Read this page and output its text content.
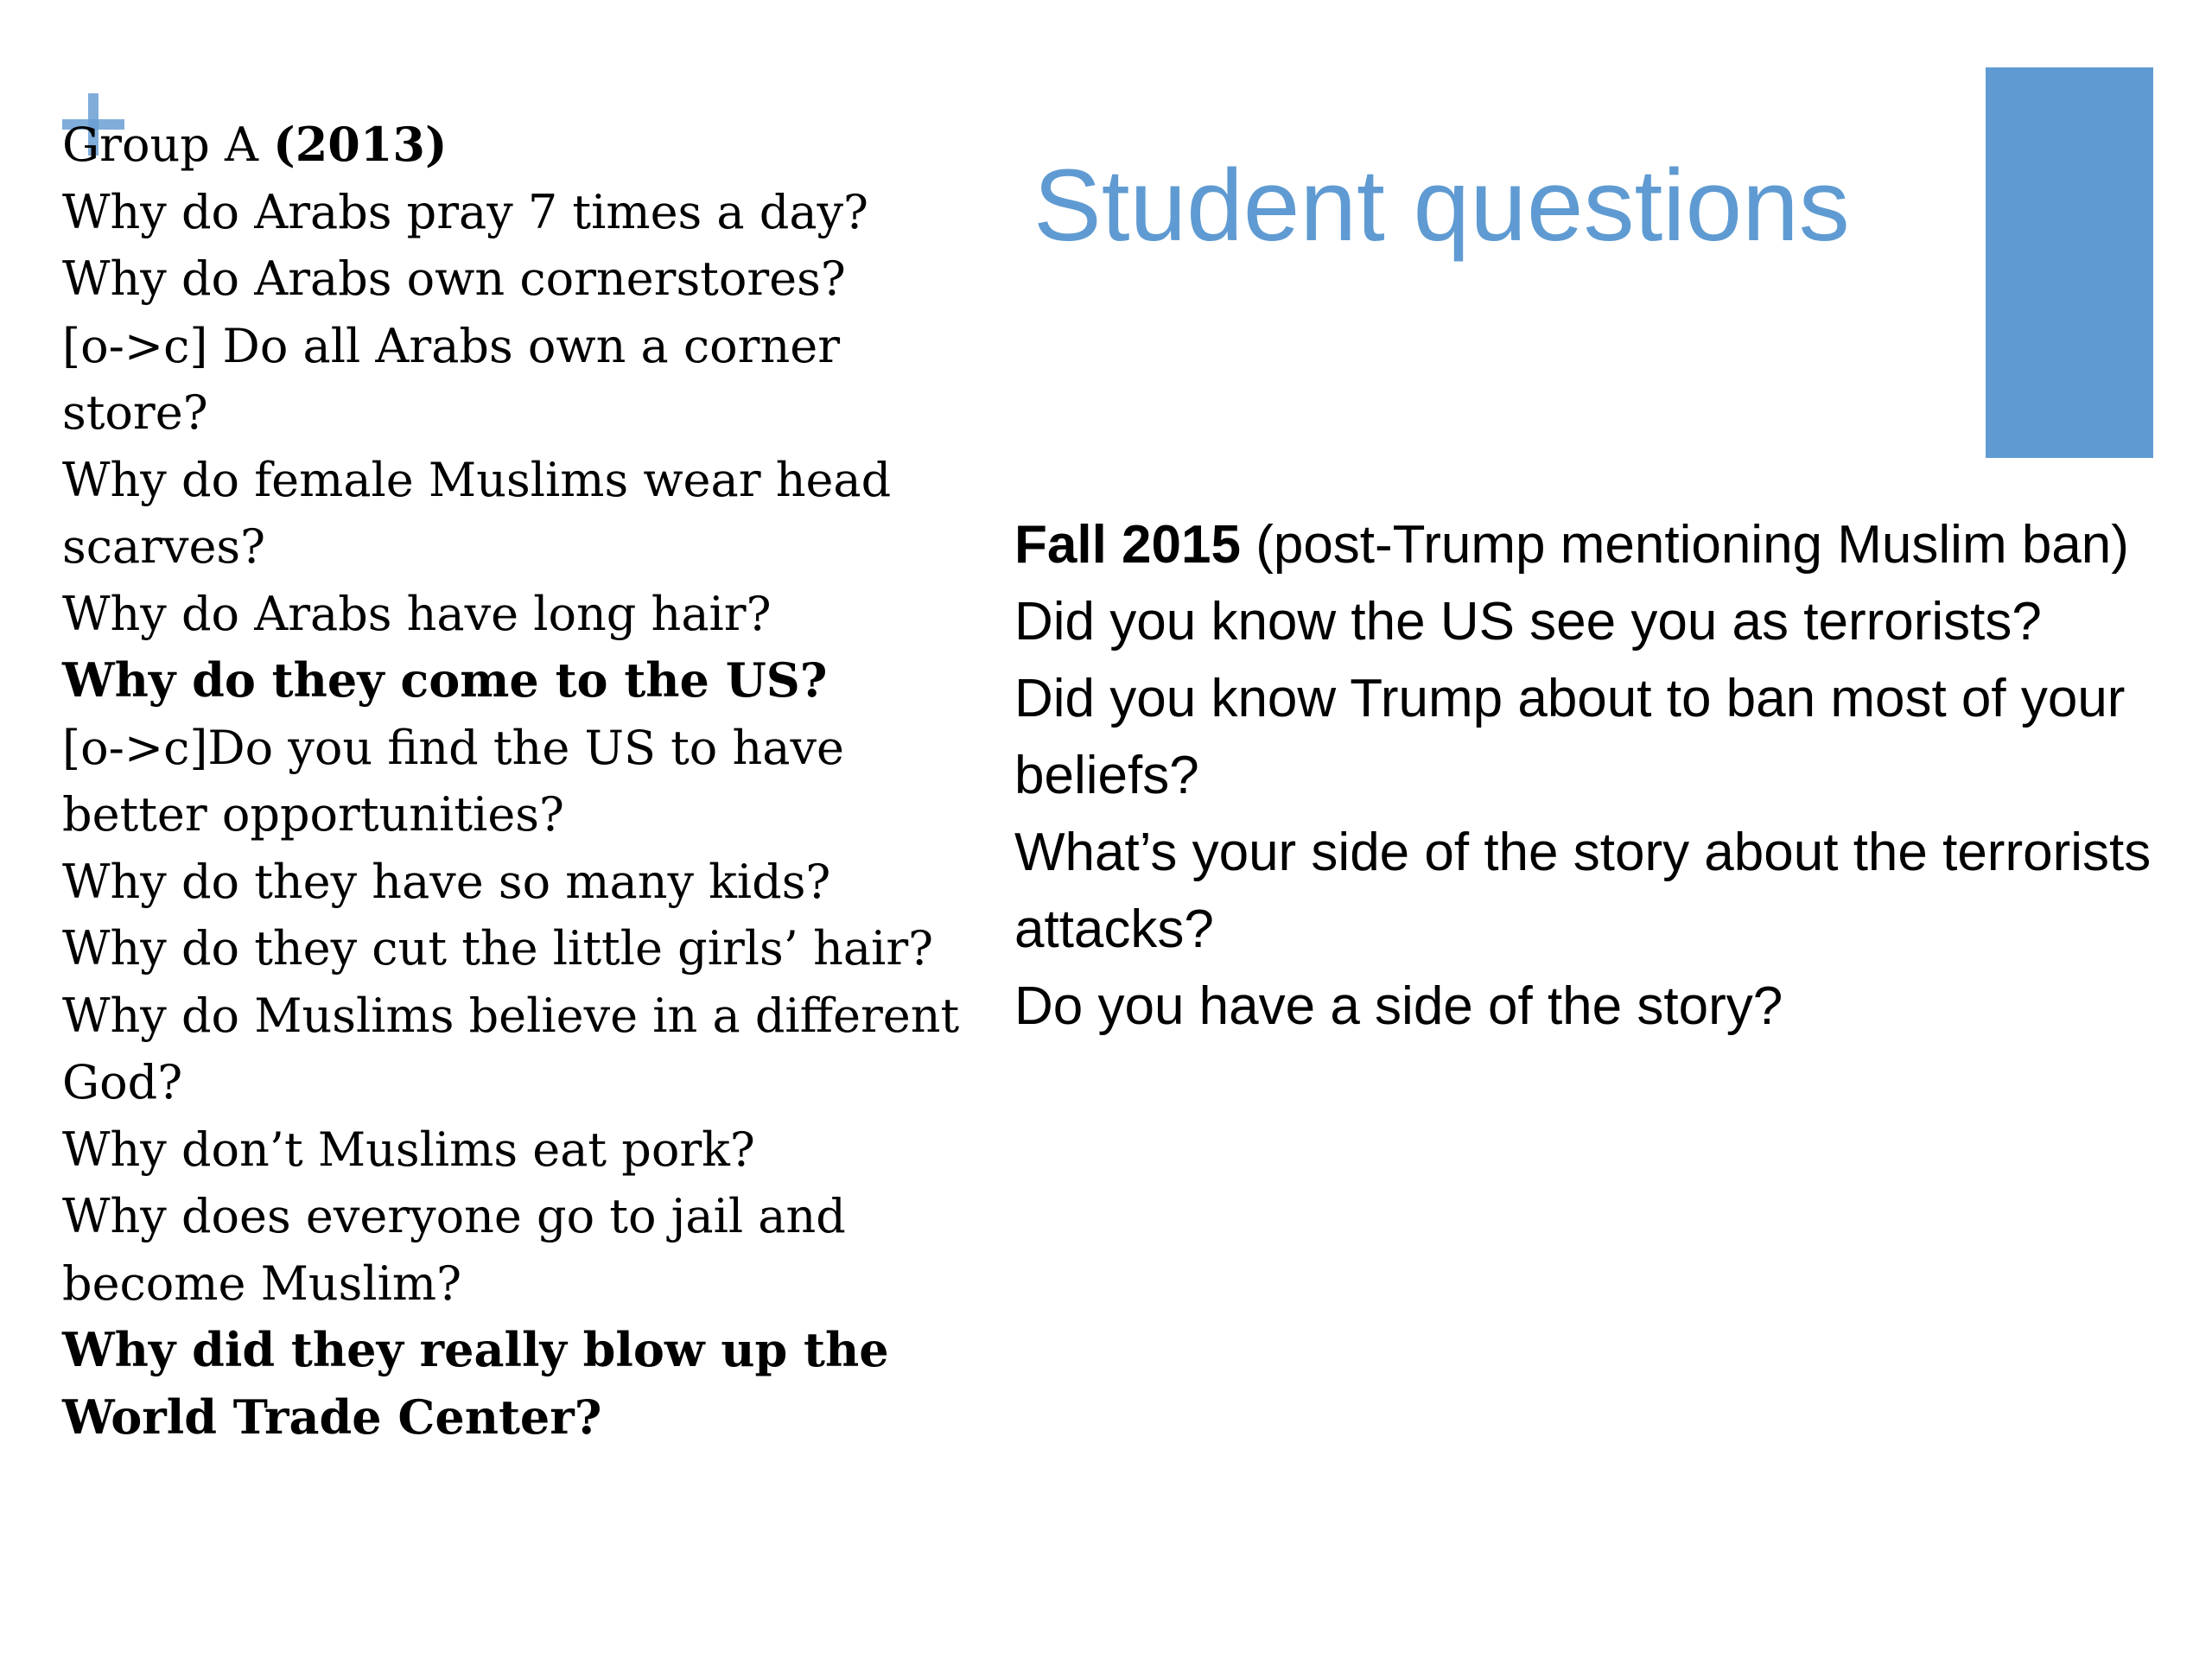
Student questions
Group A (2013)
Why do Arabs pray 7 times a day?
Why do Arabs own cornerstores?
[o->c] Do all Arabs own a corner
store?
Why do female Muslims wear head
scarves?
Why do Arabs have long hair?
Why do they come to the US?
[o->c]Do you find the US to have
better opportunities?
Why do they have so many kids?
Why do they cut the little girls’ hair?
Why do Muslims believe in a different
God?
Why don’t Muslims eat pork?
Why does everyone go to jail and
become Muslim?
Why did they really blow up the
World Trade Center?
Fall 2015 (post-Trump mentioning Muslim ban)
Did you know the US see you as terrorists?
Did you know Trump about to ban most of your
beliefs?
What’s your side of the story about the terrorists
attacks?
Do you have a side of the story?
